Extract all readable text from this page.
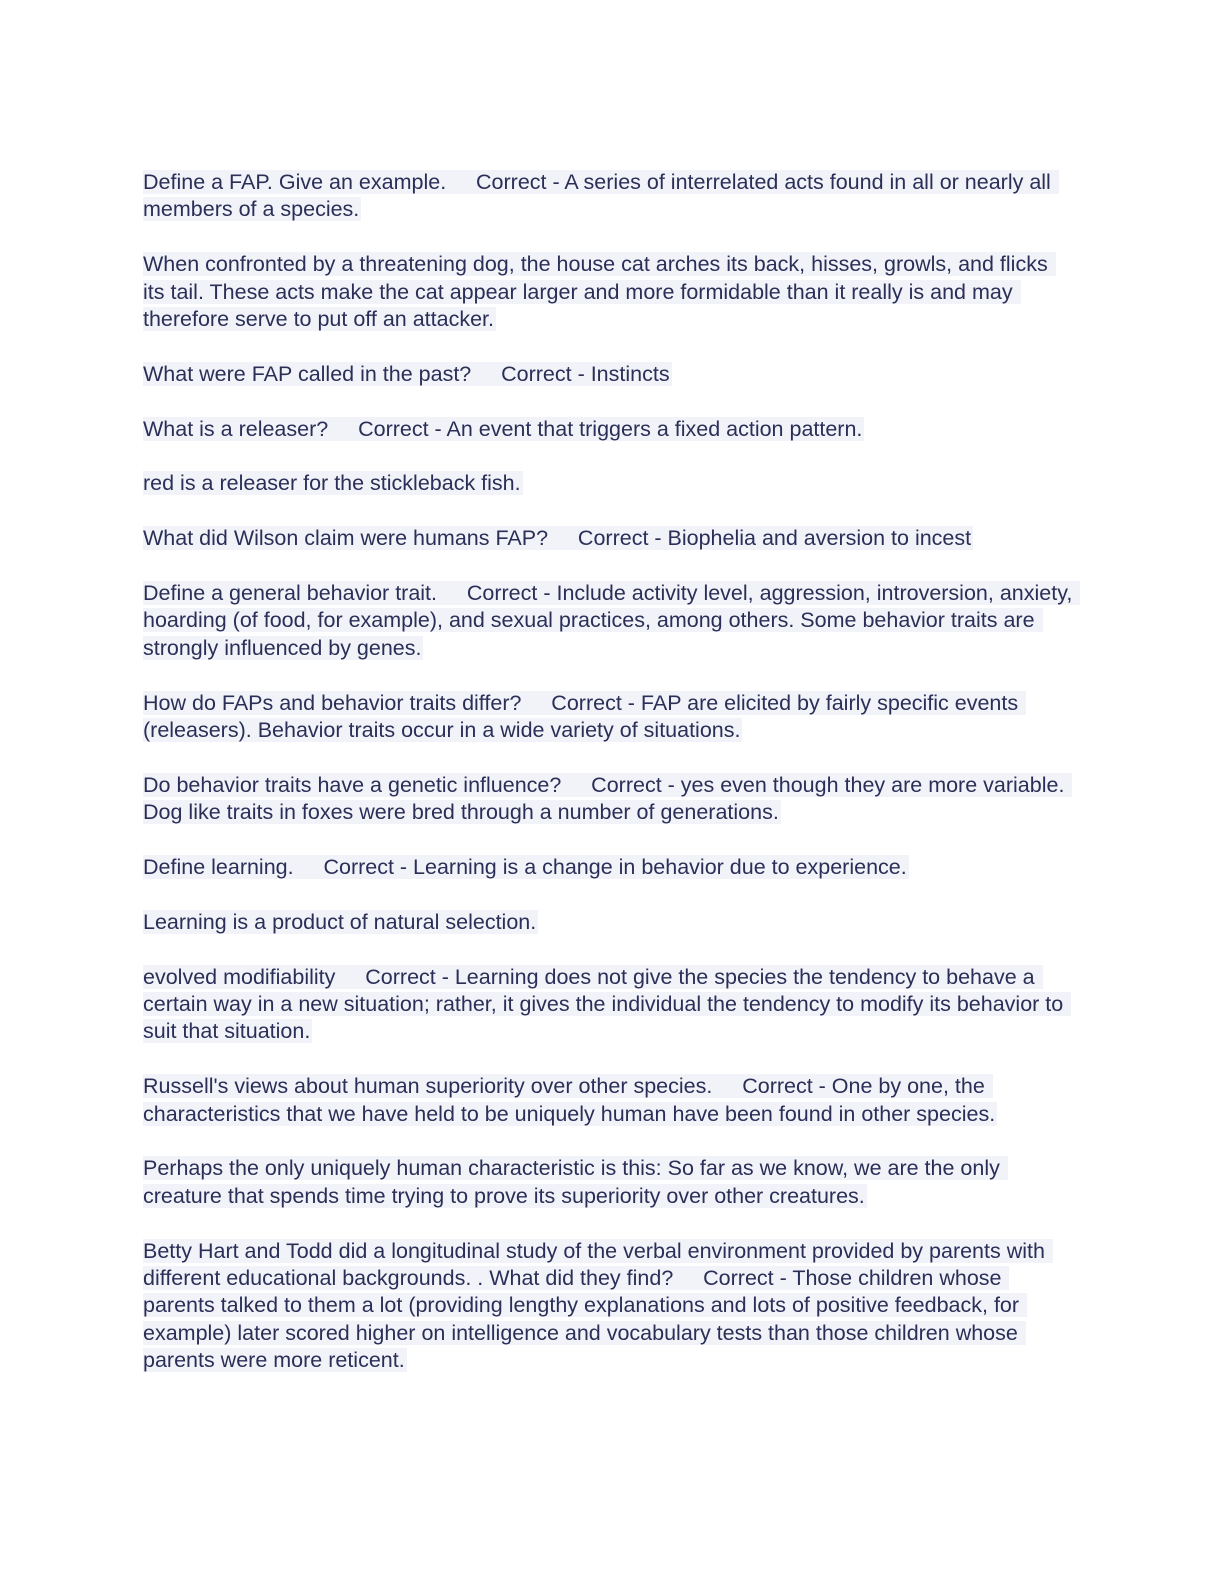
Define a FAP. Give an example.     Correct - A series of interrelated acts found in all or nearly all members of a species.

When confronted by a threatening dog, the house cat arches its back, hisses, growls, and flicks its tail. These acts make the cat appear larger and more formidable than it really is and may therefore serve to put off an attacker.

What were FAP called in the past?     Correct - Instincts

What is a releaser?     Correct - An event that triggers a fixed action pattern.

red is a releaser for the stickleback fish.

What did Wilson claim were humans FAP?     Correct - Biophelia and aversion to incest

Define a general behavior trait.     Correct - Include activity level, aggression, introversion, anxiety, hoarding (of food, for example), and sexual practices, among others. Some behavior traits are strongly influenced by genes.

How do FAPs and behavior traits differ?     Correct - FAP are elicited by fairly specific events (releasers). Behavior traits occur in a wide variety of situations.

Do behavior traits have a genetic influence?     Correct - yes even though they are more variable. Dog like traits in foxes were bred through a number of generations.

Define learning.     Correct - Learning is a change in behavior due to experience.

Learning is a product of natural selection.

evolved modifiability     Correct - Learning does not give the species the tendency to behave a certain way in a new situation; rather, it gives the individual the tendency to modify its behavior to suit that situation.

Russell's views about human superiority over other species.     Correct - One by one, the characteristics that we have held to be uniquely human have been found in other species.

Perhaps the only uniquely human characteristic is this: So far as we know, we are the only creature that spends time trying to prove its superiority over other creatures.

Betty Hart and Todd did a longitudinal study of the verbal environment provided by parents with different educational backgrounds. . What did they find?     Correct - Those children whose parents talked to them a lot (providing lengthy explanations and lots of positive feedback, for example) later scored higher on intelligence and vocabulary tests than those children whose parents were more reticent.
